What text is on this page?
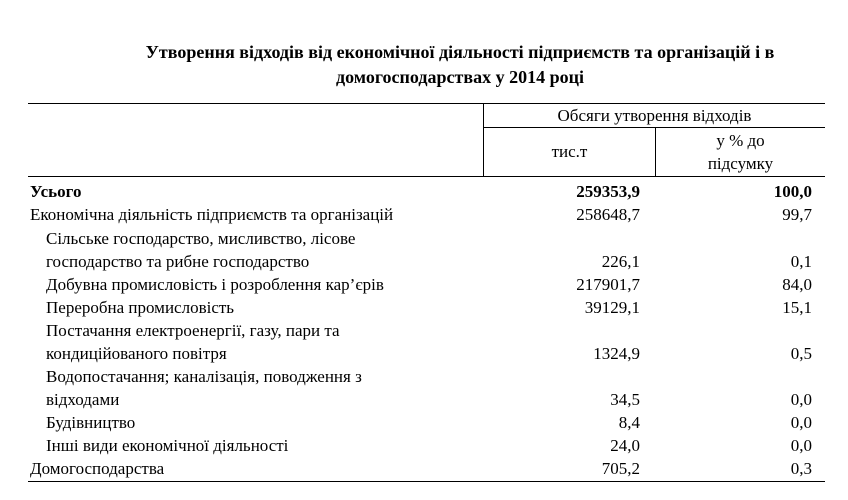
Утворення відходів від економічної діяльності підприємств та організацій і в
домогосподарствах у 2014 році
Обсяги утворення відходів
тис.т
у % до
підсумку
Усього	259353,9	100,0
Економічна діяльність підприємств та організацій	258648,7	99,7
Сільське господарство, мисливство, лісове
господарство та рибне господарство	226,1	0,1
Добувна промисловість і розроблення кар’єрів	217901,7	84,0
Переробна промисловість	39129,1	15,1
Постачання електроенергії, газу, пари та
кондиційованого повітря	1324,9	0,5
Водопостачання; каналізація, поводження з
відходами	34,5	0,0
Будівництво	8,4	0,0
Інші види економічної діяльності	24,0	0,0
Домогосподарства	705,2	0,3
